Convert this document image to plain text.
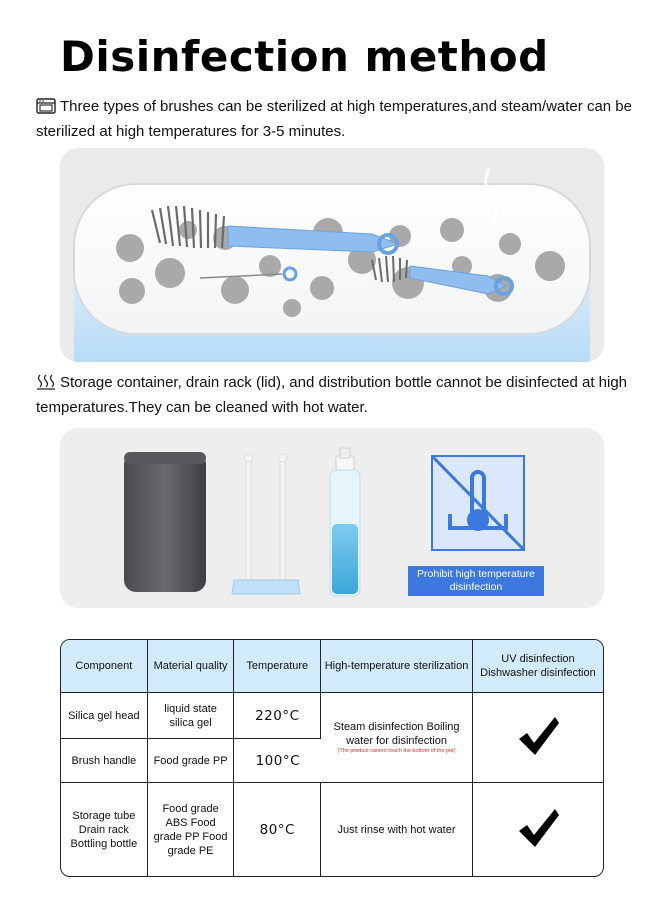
Disinfection method
Three types of brushes can be sterilized at high temperatures,and steam/water can be sterilized at high temperatures for 3-5 minutes.
Storage container, drain rack (lid), and distribution bottle cannot be disinfected at high temperatures.They can be cleaned with hot water.
Prohibit high temperature disinfection
Component	Material quality	Temperature	High-temperature sterilization	UV disinfection Dishwasher disinfection
Silica gel head	liquid state silica gel	220°C	Steam disinfection Boiling water for disinfection
(The product cannot touch the bottom of the pot)

Brush handle	Food grade PP	100°C		
Storage tube Drain rack Bottling bottle	Food grade ABS Food grade PP Food grade PE	80°C	Just rinse with hot water	
